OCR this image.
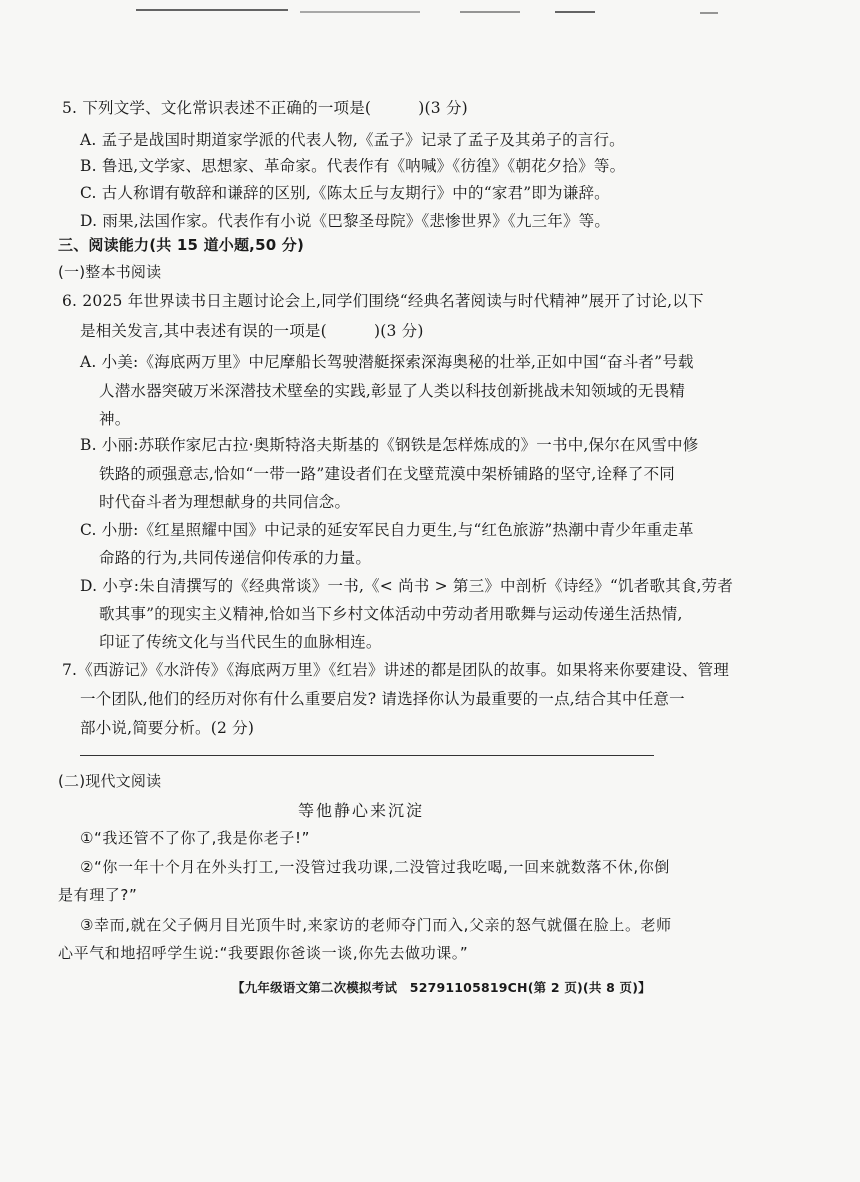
5. 下列文学、文化常识表述不正确的一项是(　　　)(3 分)
A. 孟子是战国时期道家学派的代表人物,《孟子》记录了孟子及其弟子的言行。
B. 鲁迅,文学家、思想家、革命家。代表作有《呐喊》《彷徨》《朝花夕拾》等。
C. 古人称谓有敬辞和谦辞的区别,《陈太丘与友期行》中的“家君”即为谦辞。
D. 雨果,法国作家。代表作有小说《巴黎圣母院》《悲惨世界》《九三年》等。
三、阅读能力(共 15 道小题,50 分)
(一)整本书阅读
6. 2025 年世界读书日主题讨论会上,同学们围绕“经典名著阅读与时代精神”展开了讨论,以下
是相关发言,其中表述有误的一项是(　　　)(3 分)
A. 小美:《海底两万里》中尼摩船长驾驶潜艇探索深海奥秘的壮举,正如中国“奋斗者”号载
人潜水器突破万米深潜技术壁垒的实践,彰显了人类以科技创新挑战未知领域的无畏精
神。
B. 小丽:苏联作家尼古拉·奥斯特洛夫斯基的《钢铁是怎样炼成的》一书中,保尔在风雪中修
铁路的顽强意志,恰如“一带一路”建设者们在戈壁荒漠中架桥铺路的坚守,诠释了不同
时代奋斗者为理想献身的共同信念。
C. 小册:《红星照耀中国》中记录的延安军民自力更生,与“红色旅游”热潮中青少年重走革
命路的行为,共同传递信仰传承的力量。
D. 小亨:朱自清撰写的《经典常谈》一书,《< 尚书 > 第三》中剖析《诗经》“饥者歌其食,劳者
歌其事”的现实主义精神,恰如当下乡村文体活动中劳动者用歌舞与运动传递生活热情,
印证了传统文化与当代民生的血脉相连。
7.《西游记》《水浒传》《海底两万里》《红岩》讲述的都是团队的故事。如果将来你要建设、管理
一个团队,他们的经历对你有什么重要启发? 请选择你认为最重要的一点,结合其中任意一
部小说,简要分析。(2 分)
(二)现代文阅读
等他静心来沉淀
①“我还管不了你了,我是你老子!”
②“你一年十个月在外头打工,一没管过我功课,二没管过我吃喝,一回来就数落不休,你倒
是有理了?”
③幸而,就在父子俩月目光顶牛时,来家访的老师夺门而入,父亲的怒气就僵在脸上。老师
心平气和地招呼学生说:“我要跟你爸谈一谈,你先去做功课。”
【九年级语文第二次模拟考试　52791105819CH(第 2 页)(共 8 页)】
